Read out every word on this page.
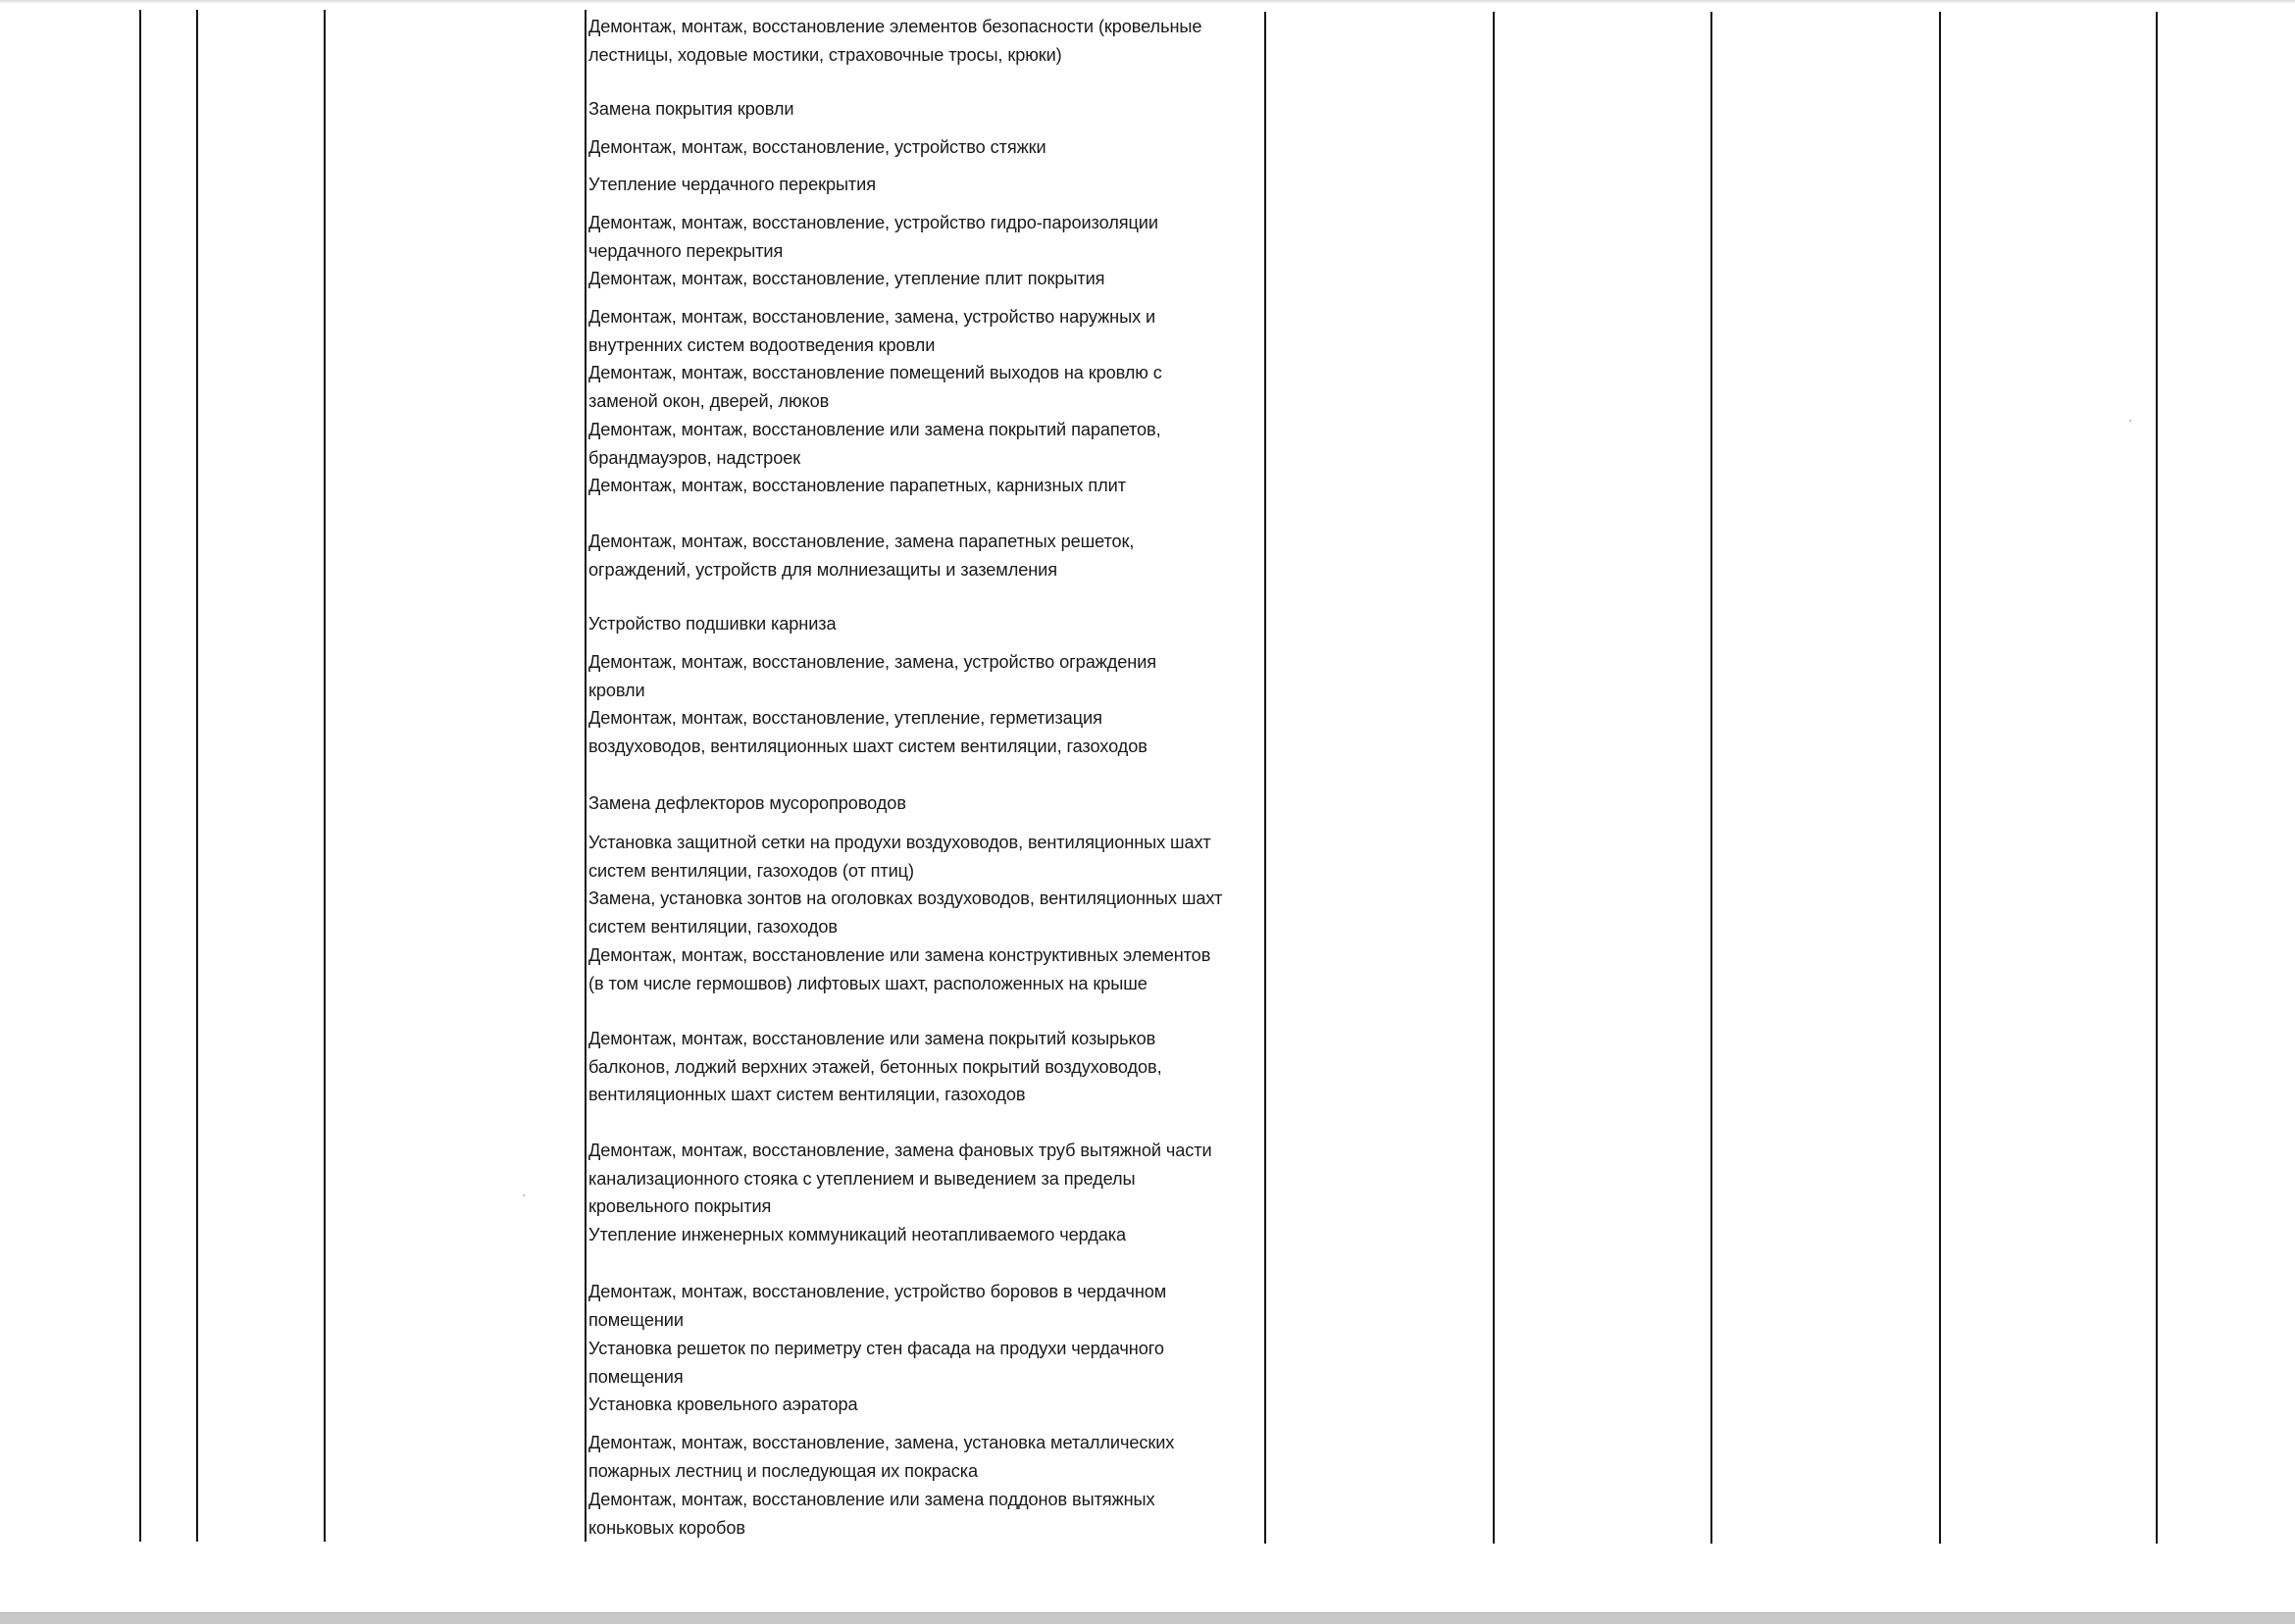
Демонтаж, монтаж, восстановление элементов безопасности (кровельные
лестницы, ходовые мостики, страховочные тросы, крюки)
Замена покрытия кровли
Демонтаж, монтаж, восстановление, устройство стяжки
Утепление чердачного перекрытия
Демонтаж, монтаж, восстановление, устройство гидро-пароизоляции
чердачного перекрытия
Демонтаж, монтаж, восстановление, утепление плит покрытия
Демонтаж, монтаж, восстановление, замена, устройство наружных и
внутренних систем водоотведения кровли
Демонтаж, монтаж, восстановление помещений выходов на кровлю с
заменой окон, дверей, люков
Демонтаж, монтаж, восстановление или замена покрытий парапетов,
брандмауэров, надстроек
Демонтаж, монтаж, восстановление парапетных, карнизных плит
Демонтаж, монтаж, восстановление, замена парапетных решеток,
ограждений, устройств для молниезащиты и заземления
Устройство подшивки карниза
Демонтаж, монтаж, восстановление, замена, устройство ограждения
кровли
Демонтаж, монтаж, восстановление, утепление, герметизация
воздуховодов, вентиляционных шахт систем вентиляции, газоходов
Замена дефлекторов мусоропроводов
Установка защитной сетки на продухи воздуховодов, вентиляционных шахт
систем вентиляции, газоходов (от птиц)
Замена, установка зонтов на оголовках воздуховодов, вентиляционных шахт
систем вентиляции, газоходов
Демонтаж, монтаж, восстановление или замена конструктивных элементов
(в том числе гермошвов) лифтовых шахт, расположенных на крыше
Демонтаж, монтаж, восстановление или замена покрытий козырьков
балконов, лоджий верхних этажей, бетонных покрытий воздуховодов,
вентиляционных шахт систем вентиляции, газоходов
Демонтаж, монтаж, восстановление, замена фановых труб вытяжной части
канализационного стояка с утеплением и выведением за пределы
кровельного покрытия
Утепление инженерных коммуникаций неотапливаемого чердака
Демонтаж, монтаж, восстановление, устройство боровов в чердачном
помещении
Установка решеток по периметру стен фасада на продухи чердачного
помещения
Установка кровельного аэратора
Демонтаж, монтаж, восстановление, замена, установка металлических
пожарных лестниц и последующая их покраска
Демонтаж, монтаж, восстановление или замена поддонов вытяжных
коньковых коробов
